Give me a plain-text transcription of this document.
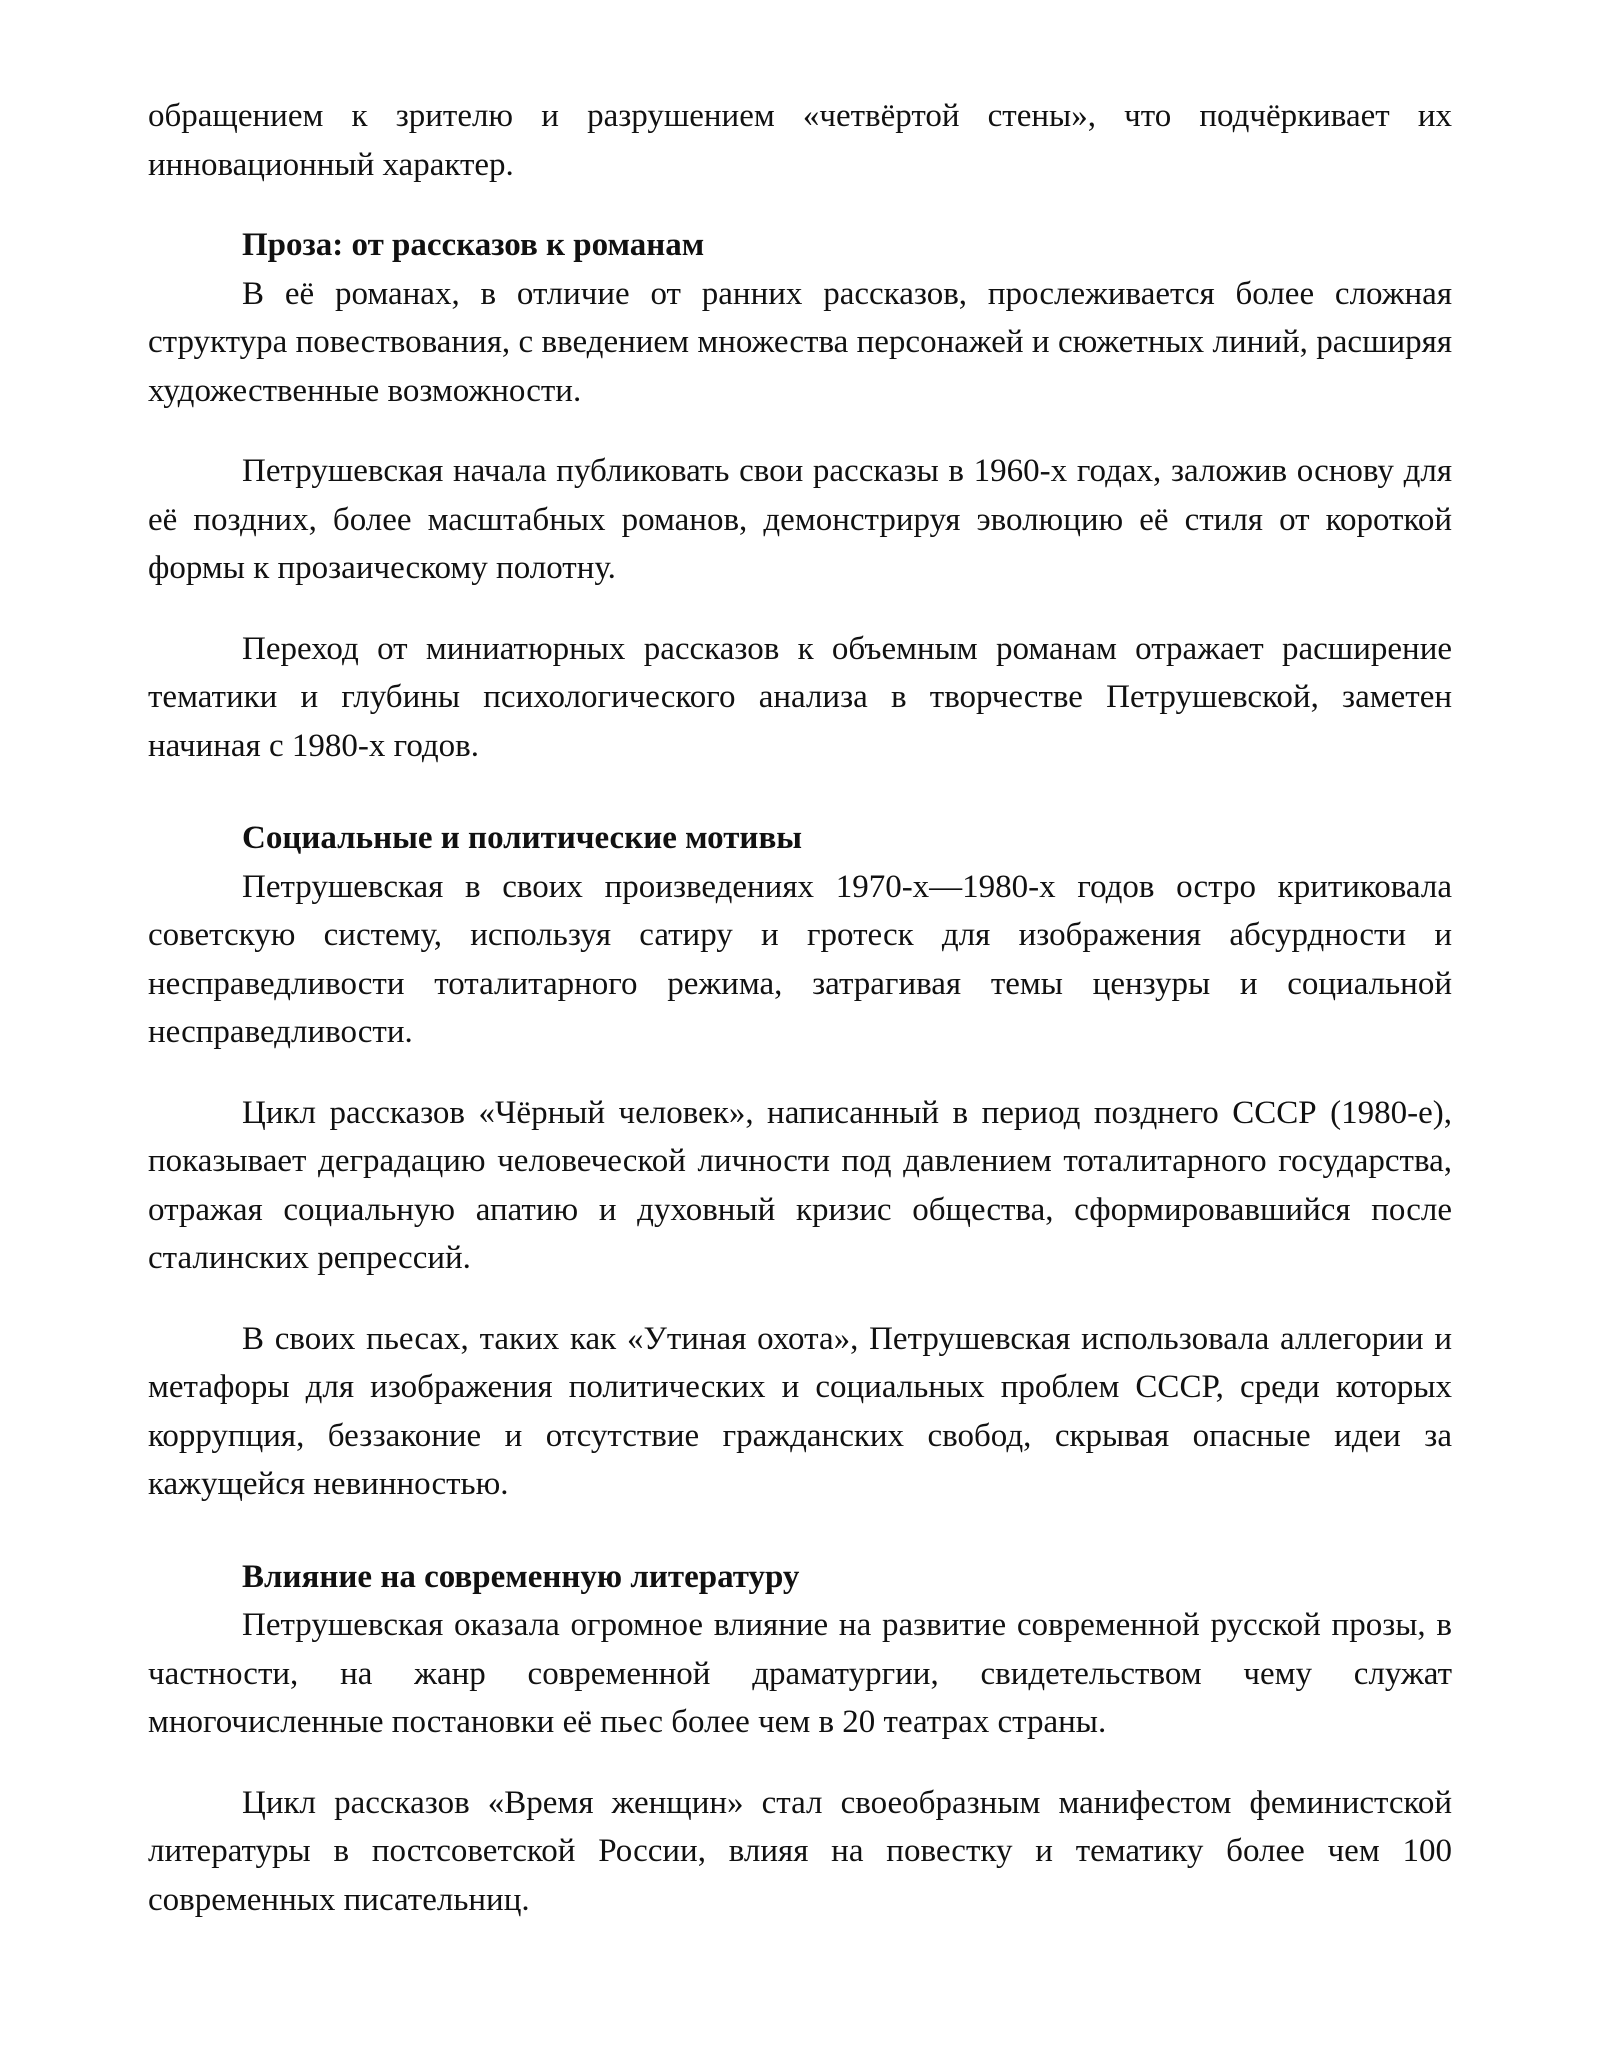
обращением к зрителю и разрушением «четвёртой стены», что подчёркивает их инновационный характер.

Проза: от рассказов к романам

В её романах, в отличие от ранних рассказов, прослеживается более сложная структура повествования, с введением множества персонажей и сюжетных линий, расширяя художественные возможности.

Петрушевская начала публиковать свои рассказы в 1960-х годах, заложив основу для её поздних, более масштабных романов, демонстрируя эволюцию её стиля от короткой формы к прозаическому полотну.

Переход от миниатюрных рассказов к объемным романам отражает расширение тематики и глубины психологического анализа в творчестве Петрушевской, заметен начиная с 1980-х годов.

Социальные и политические мотивы

Петрушевская в своих произведениях 1970-х—1980-х годов остро критиковала советскую систему, используя сатиру и гротеск для изображения абсурдности и несправедливости тоталитарного режима, затрагивая темы цензуры и социальной несправедливости.

Цикл рассказов «Чёрный человек», написанный в период позднего СССР (1980-е), показывает деградацию человеческой личности под давлением тоталитарного государства, отражая социальную апатию и духовный кризис общества, сформировавшийся после сталинских репрессий.

В своих пьесах, таких как «Утиная охота», Петрушевская использовала аллегории и метафоры для изображения политических и социальных проблем СССР, среди которых коррупция, беззаконие и отсутствие гражданских свобод, скрывая опасные идеи за кажущейся невинностью.

Влияние на современную литературу

Петрушевская оказала огромное влияние на развитие современной русской прозы, в частности, на жанр современной драматургии, свидетельством чему служат многочисленные постановки её пьес более чем в 20 театрах страны.

Цикл рассказов «Время женщин» стал своеобразным манифестом феминистской литературы в постсоветской России, влияя на повестку и тематику более чем 100 современных писательниц.
